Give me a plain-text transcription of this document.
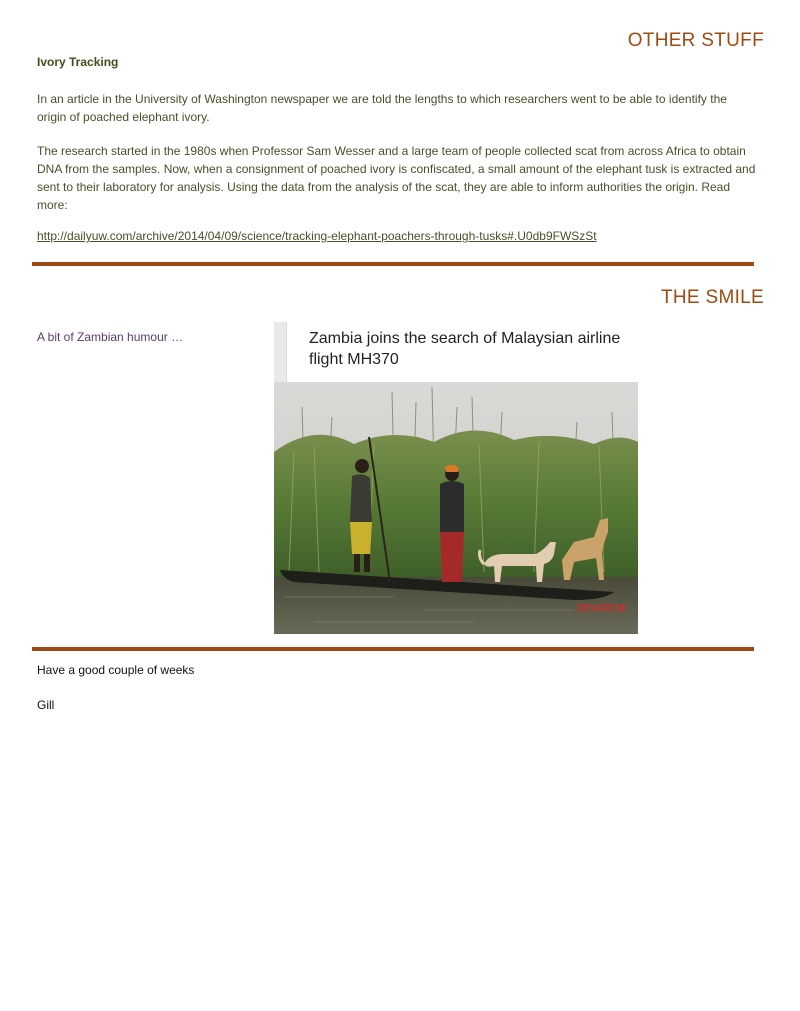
OTHER STUFF
Ivory Tracking
In an article in the University of Washington newspaper we are told the lengths to which researchers went to be able to identify the origin of poached elephant ivory.
The research started in the 1980s when Professor Sam Wesser and a large team of people collected scat from across Africa to obtain DNA from the samples. Now, when a consignment of poached ivory is confiscated, a small amount of the elephant tusk is extracted and sent to their laboratory for analysis. Using the data from the analysis of the scat, they are able to inform authorities the origin. Read more:
http://dailyuw.com/archive/2014/04/09/science/tracking-elephant-poachers-through-tusks#.U0db9FWSzSt
THE SMILE
A bit of Zambian humour …	Zambia joins the search of Malaysian airline flight MH370
2014/2/18
Have a good couple of weeks
Gill
